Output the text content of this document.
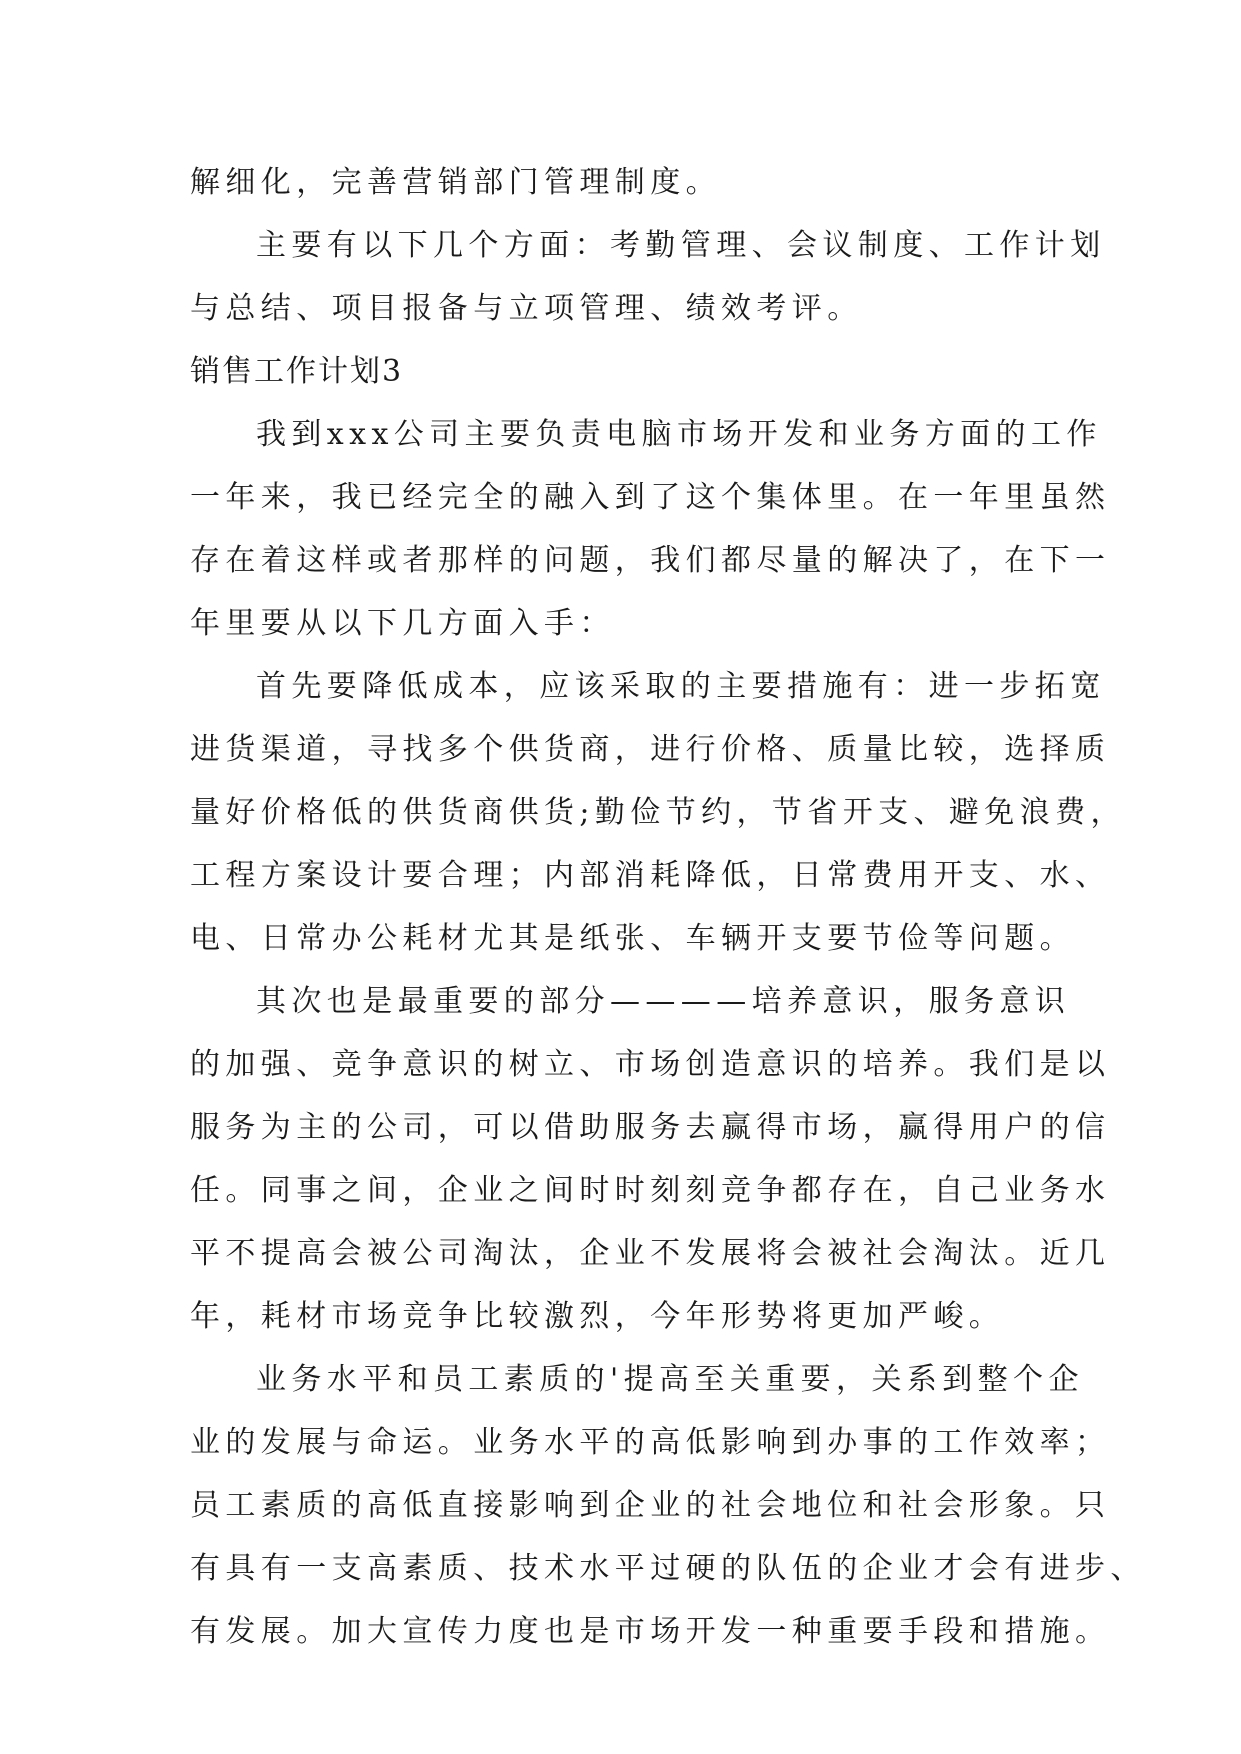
解细化，完善营销部门管理制度。
主要有以下几个方面：考勤管理、会议制度、工作计划
与总结、项目报备与立项管理、绩效考评。
销售工作计划3
我到xxx公司主要负责电脑市场开发和业务方面的工作
一年来，我已经完全的融入到了这个集体里。在一年里虽然
存在着这样或者那样的问题，我们都尽量的解决了，在下一
年里要从以下几方面入手：
首先要降低成本，应该采取的主要措施有：进一步拓宽
进货渠道，寻找多个供货商，进行价格、质量比较，选择质
量好价格低的供货商供货;勤俭节约，节省开支、避免浪费，
工程方案设计要合理；内部消耗降低，日常费用开支、水、
电、日常办公耗材尤其是纸张、车辆开支要节俭等问题。
其次也是最重要的部分————培养意识，服务意识
的加强、竞争意识的树立、市场创造意识的培养。我们是以
服务为主的公司，可以借助服务去赢得市场，赢得用户的信
任。同事之间，企业之间时时刻刻竞争都存在，自己业务水
平不提高会被公司淘汰，企业不发展将会被社会淘汰。近几
年，耗材市场竞争比较激烈，今年形势将更加严峻。
业务水平和员工素质的'提高至关重要，关系到整个企
业的发展与命运。业务水平的高低影响到办事的工作效率；
员工素质的高低直接影响到企业的社会地位和社会形象。只
有具有一支高素质、技术水平过硬的队伍的企业才会有进步、
有发展。加大宣传力度也是市场开发一种重要手段和措施。
